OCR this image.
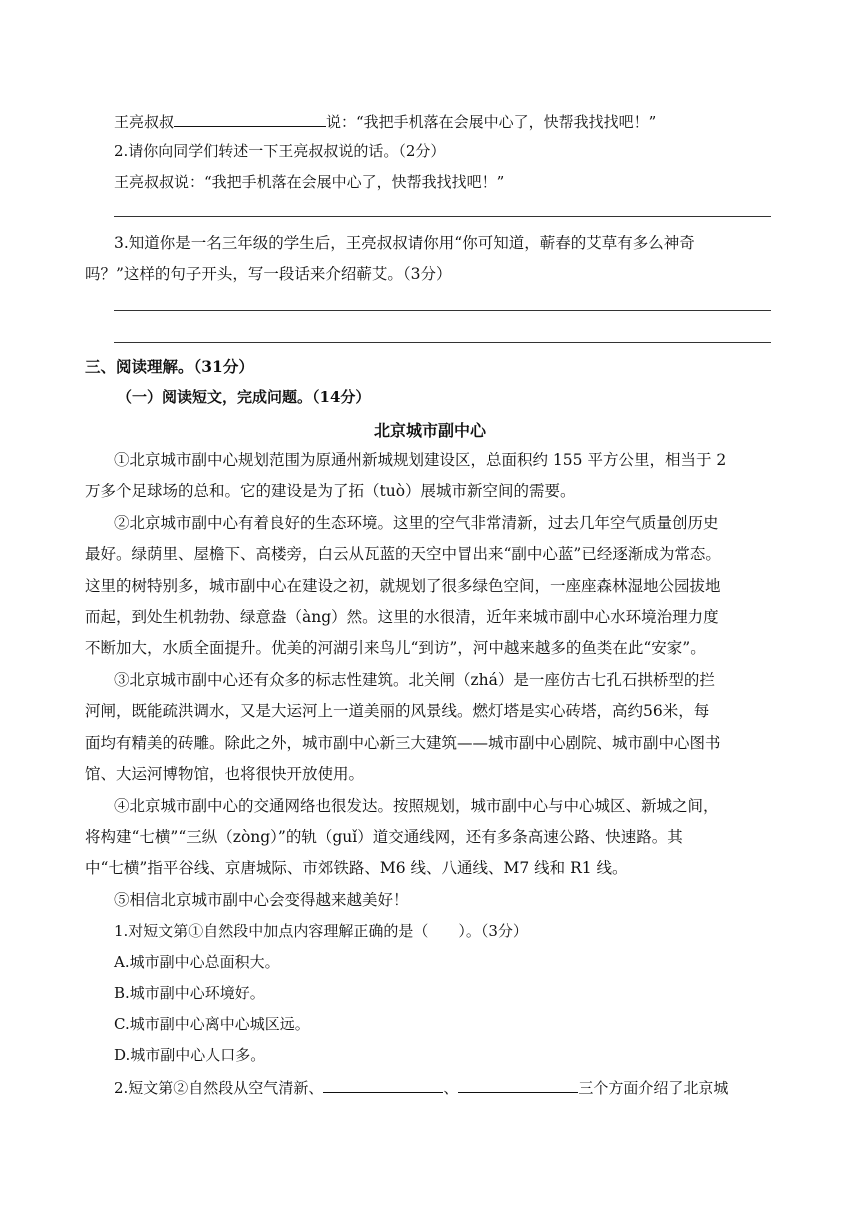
王亮叔叔	说：“我把手机落在会展中心了，快帮我找找吧！”
2.请你向同学们转述一下王亮叔叔说的话。（2分）
王亮叔叔说：“我把手机落在会展中心了，快帮我找找吧！”
3.知道你是一名三年级的学生后，王亮叔叔请你用“你可知道，蕲春的艾草有多么神奇
吗？”这样的句子开头，写一段话来介绍蕲艾。（3分）
三、阅读理解。（31分）
（一）阅读短文，完成问题。（14分）
北京城市副中心
①北京城市副中心规划范围为原通州新城规划建设区，总面积约 155 平方公里，相当于 2
万多个足球场的总和。它的建设是为了拓（tuò）展城市新空间的需要。
②北京城市副中心有着良好的生态环境。这里的空气非常清新，过去几年空气质量创历史
最好。绿荫里、屋檐下、高楼旁，白云从瓦蓝的天空中冒出来“副中心蓝”已经逐渐成为常态。
这里的树特别多，城市副中心在建设之初，就规划了很多绿色空间，一座座森林湿地公园拔地
而起，到处生机勃勃、绿意盎（àng）然。这里的水很清，近年来城市副中心水环境治理力度
不断加大，水质全面提升。优美的河湖引来鸟儿“到访”，河中越来越多的鱼类在此“安家”。
③北京城市副中心还有众多的标志性建筑。北关闸（zhá）是一座仿古七孔石拱桥型的拦
河闸，既能疏洪调水，又是大运河上一道美丽的风景线。燃灯塔是实心砖塔，高约56米，每
面均有精美的砖雕。除此之外，城市副中心新三大建筑——城市副中心剧院、城市副中心图书
馆、大运河博物馆，也将很快开放使用。
④北京城市副中心的交通网络也很发达。按照规划，城市副中心与中心城区、新城之间，
将构建“七横”“三纵（zòng）”的轨（guǐ）道交通线网，还有多条高速公路、快速路。其
中“七横”指平谷线、京唐城际、市郊铁路、M6 线、八通线、M7 线和 R1 线。
⑤相信北京城市副中心会变得越来越美好！
1.对短文第①自然段中加点内容理解正确的是（　　）。（3分）
A.城市副中心总面积大。
B.城市副中心环境好。
C.城市副中心离中心城区远。
D.城市副中心人口多。
2.短文第②自然段从空气清新、	、	三个方面介绍了北京城
